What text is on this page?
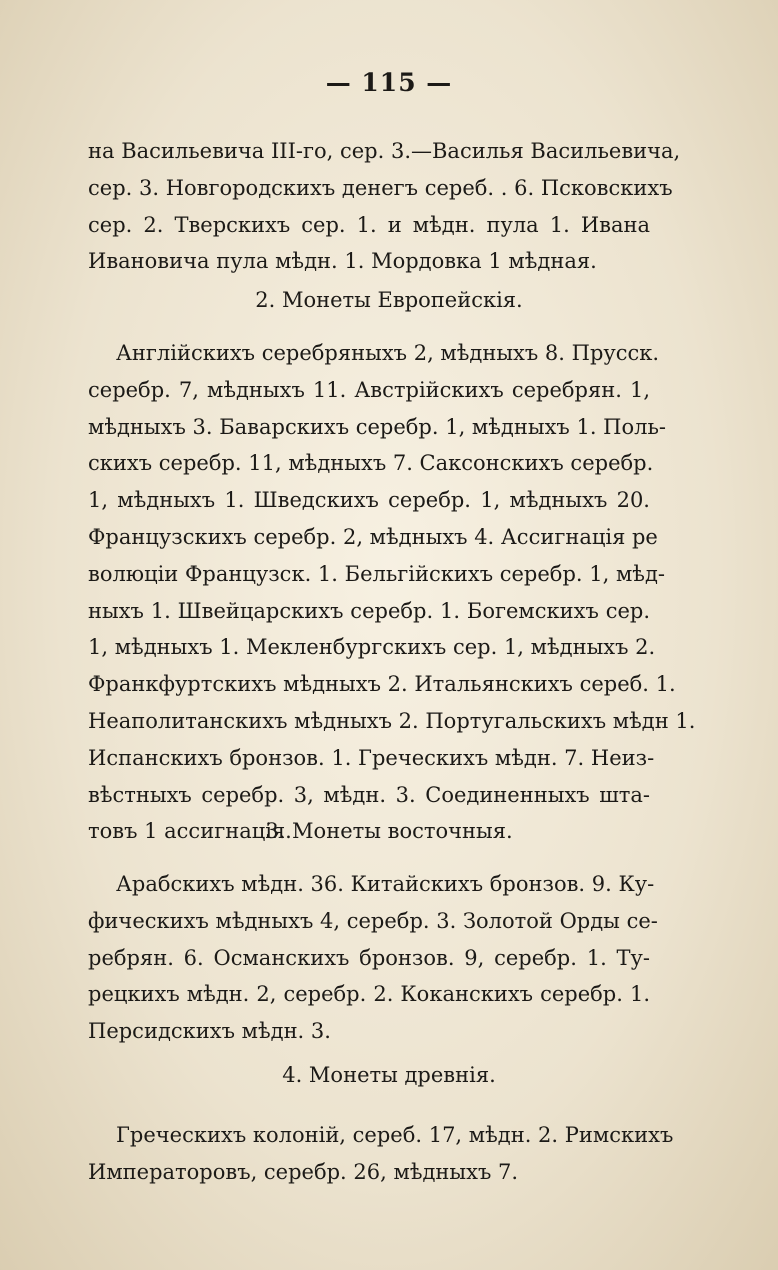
— 115 —
на Васильевича III-го, сер. 3.—Василья Васильевича,
сер. 3. Новгородскихъ денегъ сереб. . 6. Псковскихъ
сер. 2. Тверскихъ сер. 1. и мѣдн. пула 1. Ивана
Ивановича пула мѣдн. 1. Мордовка 1 мѣдная.
2. Монеты Европейскія.
Англiйскихъ серебряныхъ 2, мѣдныхъ 8. Прусск.
серебр. 7, мѣдныхъ 11. Австрiйскихъ серебрян. 1,
мѣдныхъ 3. Баварскихъ серебр. 1, мѣдныхъ 1. Поль-
скихъ серебр. 11, мѣдныхъ 7. Саксонскихъ серебр.
1, мѣдныхъ 1. Шведскихъ серебр. 1, мѣдныхъ 20.
Французскихъ серебр. 2, мѣдныхъ 4. Ассигнація ре
волюціи Французск. 1. Бельгійскихъ серебр. 1, мѣд-
ныхъ 1. Швейцарскихъ серебр. 1. Богемскихъ сер.
1, мѣдныхъ 1. Мекленбургскихъ сер. 1, мѣдныхъ 2.
Франкфуртскихъ мѣдныхъ 2. Итальянскихъ сереб. 1.
Неаполитанскихъ мѣдныхъ 2. Португальскихъ мѣдн 1.
Испанскихъ бронзов. 1. Греческихъ мѣдн. 7. Неиз-
вѣстныхъ серебр. 3, мѣдн. 3. Соединенныхъ шта-
товъ 1 ассигнація.
3. Монеты восточныя.
Арабскихъ мѣдн. 36. Китайскихъ бронзов. 9. Ку-
фическихъ мѣдныхъ 4, серебр. 3. Золотой Орды се-
ребрян. 6. Османскихъ бронзов. 9, серебр. 1. Ту-
рецкихъ мѣдн. 2, серебр. 2. Коканскихъ серебр. 1.
Персидскихъ мѣдн. 3.
4. Монеты древнія.
Греческихъ колоній, сереб. 17, мѣдн. 2. Римскихъ
Императоровъ, серебр. 26, мѣдныхъ 7.
